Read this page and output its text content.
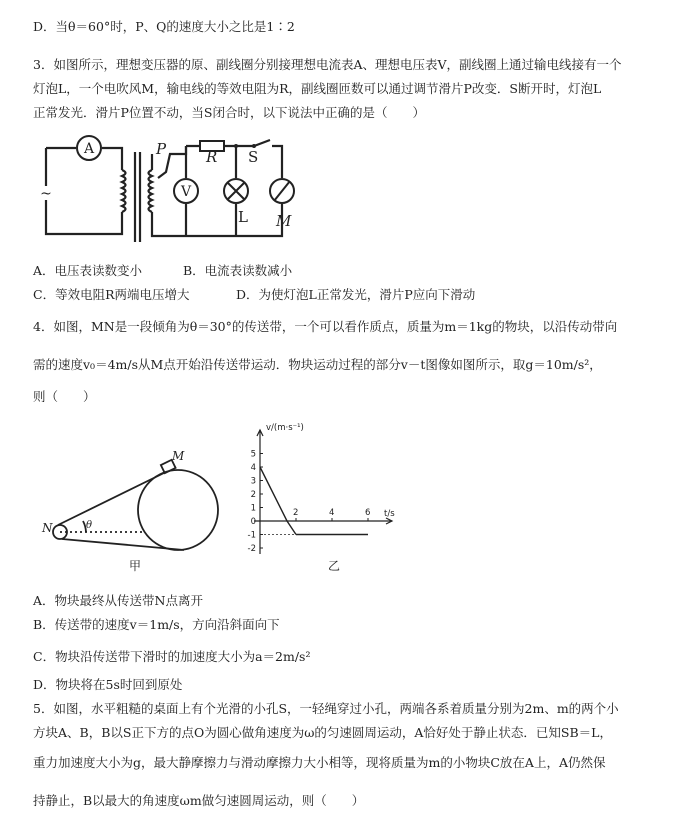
D．当θ＝60°时，P、Q的速度大小之比是1∶2
3．如图所示，理想变压器的原、副线圈分别接理想电流表A、理想电压表V，副线圈上通过输电线接有一个
灯泡L，一个电吹风M，输电线的等效电阻为R，副线圈匝数可以通过调节滑片P改变．S断开时，灯泡L
正常发光．滑片P位置不动，当S闭合时，以下说法中正确的是（　　）
A
~	V
P	R S
L M
A．电压表读数变小	B．电流表读数减小
C．等效电阻R两端电压增大	D．为使灯泡L正常发光，滑片P应向下滑动
4．如图，MN是一段倾角为θ＝30°的传送带，一个可以看作质点，质量为m＝1kg的物块，以沿传动带向
需的速度v₀＝4m/s从M点开始沿传送带运动．物块运动过程的部分v－t图像如图所示，取g＝10m/s²，
则（　　）
N
M
θ
甲
v/(m·s⁻¹)
t/s
5
4
3
2
1
0
-1
-2
2	4	6
乙
A．物块最终从传送带N点离开
B．传送带的速度v＝1m/s，方向沿斜面向下
C．物块沿传送带下滑时的加速度大小为a＝2m/s²
D．物块将在5s时回到原处
5．如图，水平粗糙的桌面上有个光滑的小孔S，一轻绳穿过小孔，两端各系着质量分别为2m、m的两个小
方块A、B，B以S正下方的点O为圆心做角速度为ω的匀速圆周运动，A恰好处于静止状态．已知SB＝L，
重力加速度大小为g，最大静摩擦力与滑动摩擦力大小相等，现将质量为m的小物块C放在A上，A仍然保
持静止，B以最大的角速度ωm做匀速圆周运动，则（　　）
